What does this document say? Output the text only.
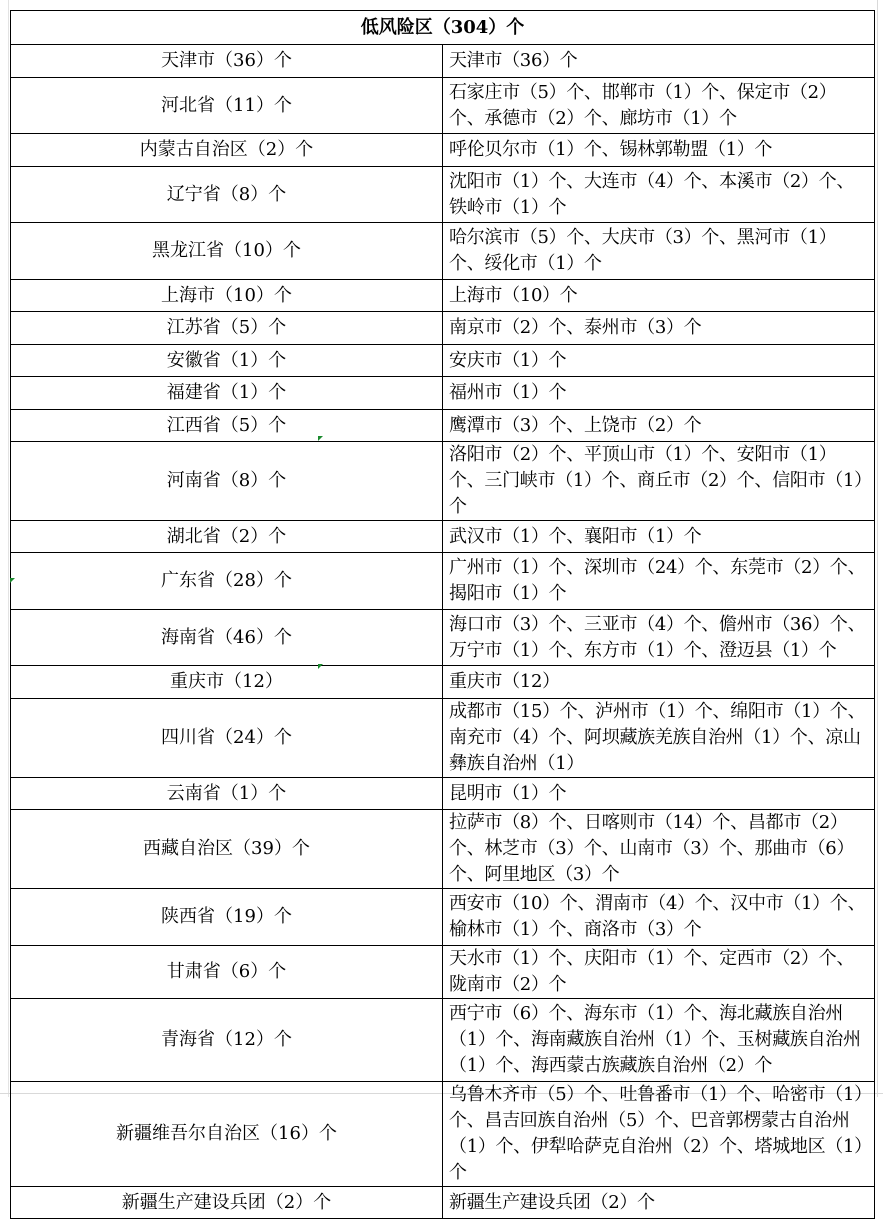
低风险区（304）个	
天津市（36）个	天津市（36）个
河北省（11）个	石家庄市（5）个、邯郸市（1）个、保定市（2）个、承德市（2）个、廊坊市（1）个
内蒙古自治区（2）个	呼伦贝尔市（1）个、锡林郭勒盟（1）个
辽宁省（8）个	沈阳市（1）个、大连市（4）个、本溪市（2）个、铁岭市（1）个
黑龙江省（10）个	哈尔滨市（5）个、大庆市（3）个、黑河市（1）个、绥化市（1）个
上海市（10）个	上海市（10）个
江苏省（5）个	南京市（2）个、泰州市（3）个
安徽省（1）个	安庆市（1）个
福建省（1）个	福州市（1）个
江西省（5）个	鹰潭市（3）个、上饶市（2）个
河南省（8）个	洛阳市（2）个、平顶山市（1）个、安阳市（1）个、三门峡市（1）个、商丘市（2）个、信阳市（1）个
湖北省（2）个	武汉市（1）个、襄阳市（1）个
广东省（28）个	广州市（1）个、深圳市（24）个、东莞市（2）个、揭阳市（1）个
海南省（46）个	海口市（3）个、三亚市（4）个、儋州市（36）个、万宁市（1）个、东方市（1）个、澄迈县（1）个
重庆市（12）	重庆市（12）
四川省（24）个	成都市（15）个、泸州市（1）个、绵阳市（1）个、南充市（4）个、阿坝藏族羌族自治州（1）个、凉山彝族自治州（1）
云南省（1）个	昆明市（1）个
西藏自治区（39）个	拉萨市（8）个、日喀则市（14）个、昌都市（2）个、林芝市（3）个、山南市（3）个、那曲市（6）个、阿里地区（3）个
陕西省（19）个	西安市（10）个、渭南市（4）个、汉中市（1）个、榆林市（1）个、商洛市（3）个
甘肃省（6）个	天水市（1）个、庆阳市（1）个、定西市（2）个、陇南市（2）个
青海省（12）个	西宁市（6）个、海东市（1）个、海北藏族自治州（1）个、海南藏族自治州（1）个、玉树藏族自治州（1）个、海西蒙古族藏族自治州（2）个
新疆维吾尔自治区（16）个	乌鲁木齐市（5）个、吐鲁番市（1）个、哈密市（1）个、昌吉回族自治州（5）个、巴音郭楞蒙古自治州（1）个、伊犁哈萨克自治州（2）个、塔城地区（1）个
新疆生产建设兵团（2）个	新疆生产建设兵团（2）个
